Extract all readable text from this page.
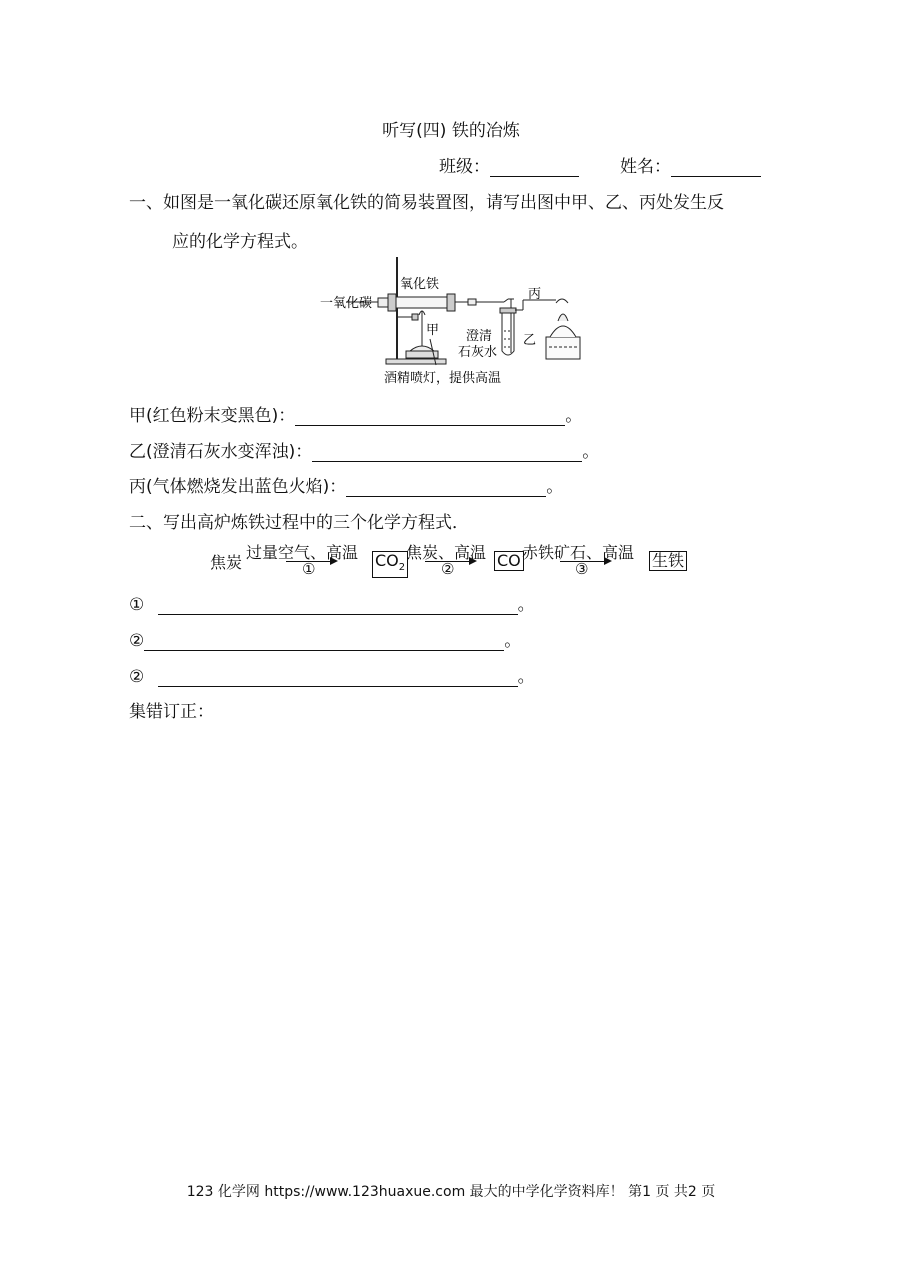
听写(四) 铁的冶炼
班级：	姓名：
一、如图是一氧化碳还原氧化铁的简易装置图，请写出图中甲、乙、丙处发生反
应的化学方程式。
一氧化碳
氧化铁
甲 澄清
石灰水
乙
丙
酒精喷灯，提供高温
甲(红色粉末变黑色)：	。
乙(澄清石灰水变浑浊)：	。
丙(气体燃烧发出蓝色火焰)：	。
二、写出高炉炼铁过程中的三个化学方程式．
焦炭
过量空气、高温
①	$CO_2$
焦炭、高温
②	CO 赤铁矿石、高温
③	生铁
①	。
②	。
②	。
集错订正：
123 化学网 https://www.123huaxue.com 最大的中学化学资料库！ 第1 页 共2 页
